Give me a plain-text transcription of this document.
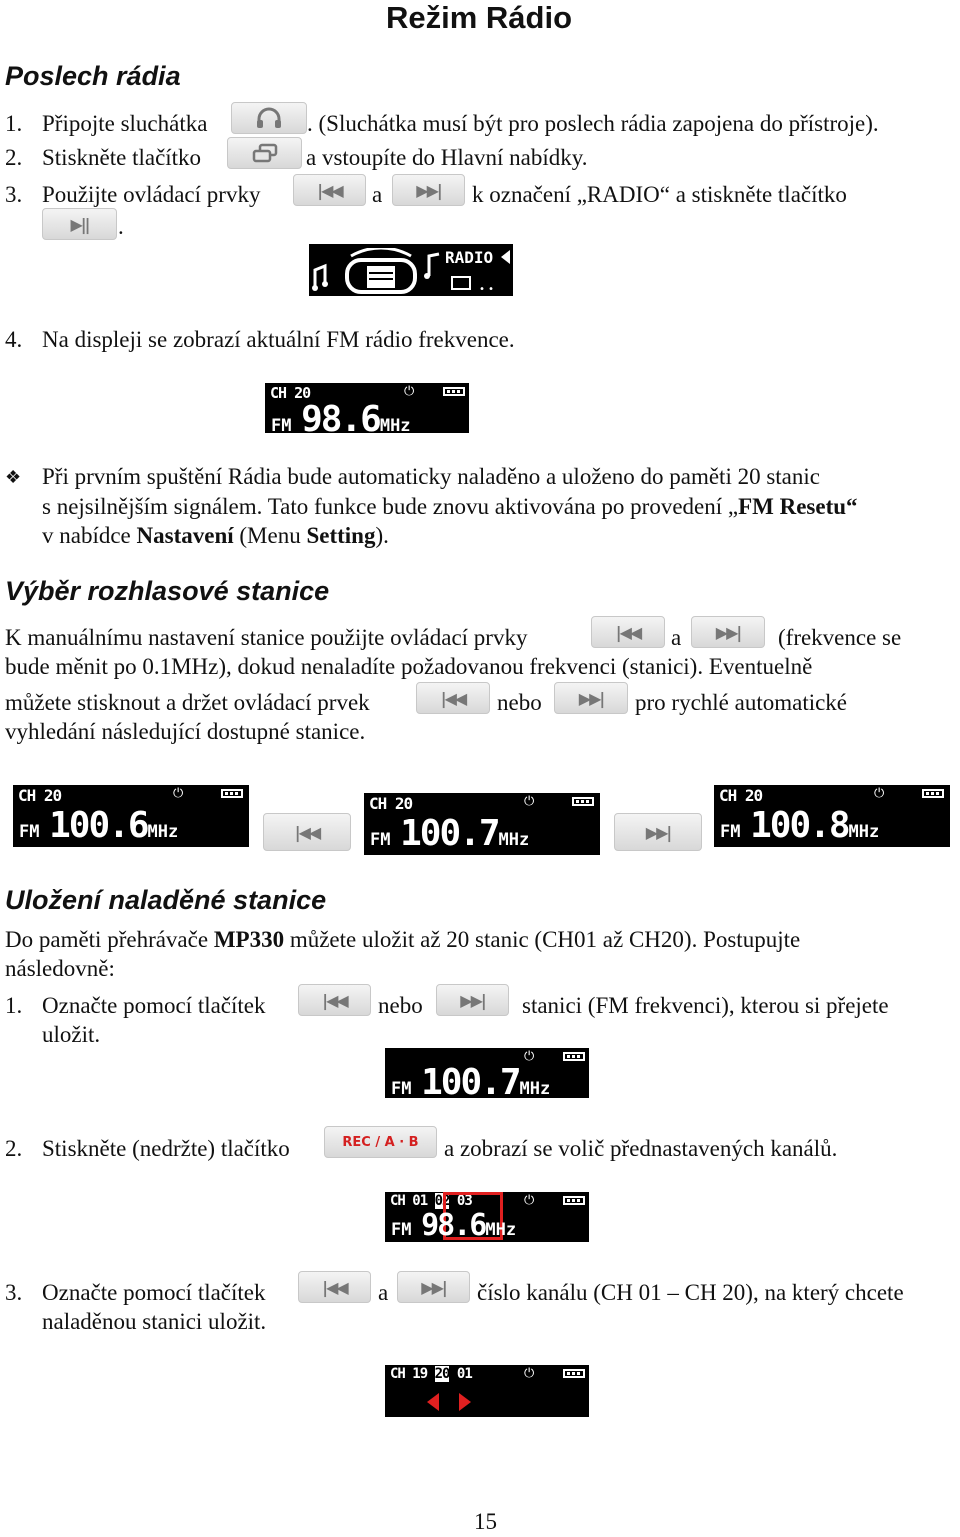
Režim Rádio
Poslech rádia
1. Připojte sluchátka	. (Sluchátka musí být pro poslech rádia zapojena do přístroje).
2. Stiskněte tlačítko	a vstoupíte do Hlavní nabídky.
3. Použijte ovládací prvky	|◀◀	a	▶▶|	k označení „RADIO“ a stiskněte tlačítko
▶||	.
RADIO
••
4. Na displeji se zobrazí aktuální FM rádio frekvence.
CH 20	⏻
FM 98.6MHz
❖ Při prvním spuštění Rádia bude automaticky naladěno a uloženo do paměti 20 stanic
s nejsilnějším signálem. Tato funkce bude znovu aktivována po provedení „FM Resetu“
v nabídce Nastavení (Menu Setting).
Výběr rozhlasové stanice
K manuálnímu nastavení stanice použijte ovládací prvky	|◀◀	a	▶▶|	(frekvence se
bude měnit po 0.1MHz), dokud nenaladíte požadovanou frekvenci (stanici). Eventuelně
můžete stisknout a držet ovládací prvek	|◀◀	nebo	▶▶|	pro rychlé automatické
vyhledání následující dostupné stanice.
CH 20	⏻
FM 100.6MHz	|◀◀
CH 20	⏻
FM 100.7MHz	▶▶|
CH 20	⏻
FM 100.8MHz
Uložení naladěné stanice
Do paměti přehrávače MP330 můžete uložit až 20 stanic (CH01 až CH20). Postupujte
následovně:
1. Označte pomocí tlačítek	|◀◀	nebo	▶▶|	stanici (FM frekvenci), kterou si přejete
uložit.
⏻
FM 100.7MHz
2. Stiskněte (nedržte) tlačítko	REC / A · B	a zobrazí se volič přednastavených kanálů.
CH 01 02 03	⏻
FM 98.6MHz
3. Označte pomocí tlačítek	|◀◀	a	▶▶|	číslo kanálu (CH 01 – CH 20), na který chcete
naladěnou stanici uložit.
CH 19 20 01	⏻
15
